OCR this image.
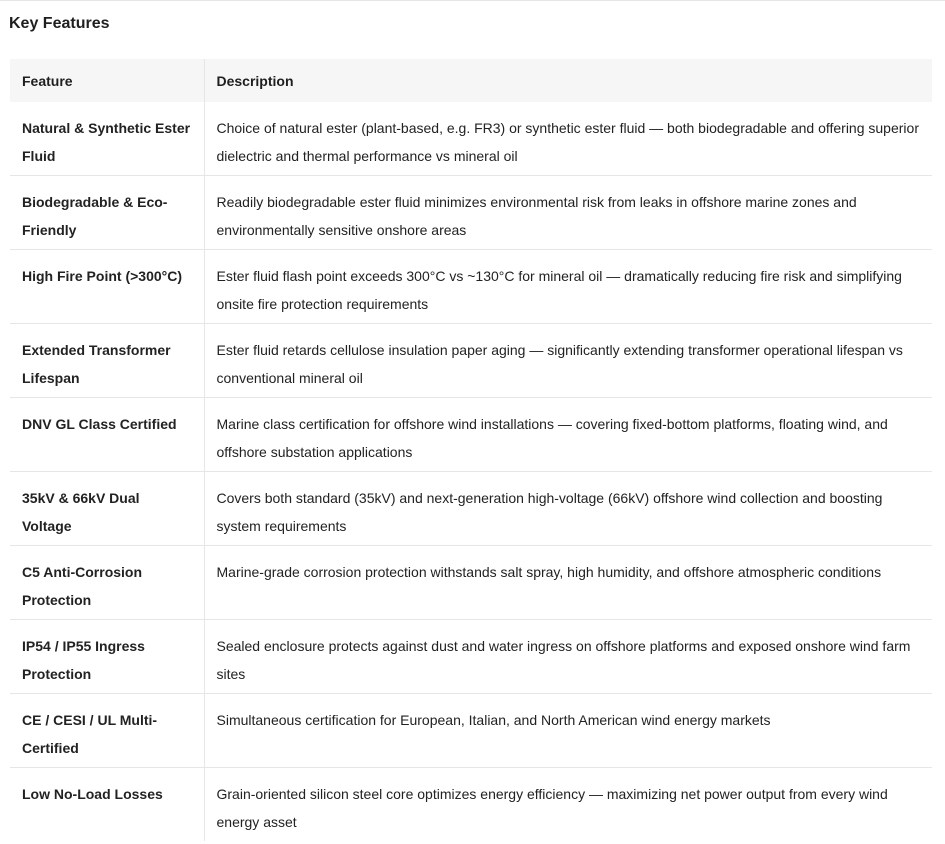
Key Features
Feature	Description
Natural & Synthetic Ester Fluid	Choice of natural ester (plant-based, e.g. FR3) or synthetic ester fluid — both biodegradable and offering superior dielectric and thermal performance vs mineral oil
Biodegradable & Eco-Friendly	Readily biodegradable ester fluid minimizes environmental risk from leaks in offshore marine zones and environmentally sensitive onshore areas
High Fire Point (>300°C)	Ester fluid flash point exceeds 300°C vs ~130°C for mineral oil — dramatically reducing fire risk and simplifying onsite fire protection requirements
Extended Transformer Lifespan	Ester fluid retards cellulose insulation paper aging — significantly extending transformer operational lifespan vs conventional mineral oil
DNV GL Class Certified	Marine class certification for offshore wind installations — covering fixed-bottom platforms, floating wind, and offshore substation applications
35kV & 66kV Dual Voltage	Covers both standard (35kV) and next-generation high-voltage (66kV) offshore wind collection and boosting system requirements
C5 Anti-Corrosion Protection	Marine-grade corrosion protection withstands salt spray, high humidity, and offshore atmospheric conditions
IP54 / IP55 Ingress Protection	Sealed enclosure protects against dust and water ingress on offshore platforms and exposed onshore wind farm sites
CE / CESI / UL Multi-Certified	Simultaneous certification for European, Italian, and North American wind energy markets
Low No-Load Losses	Grain-oriented silicon steel core optimizes energy efficiency — maximizing net power output from every wind energy asset
